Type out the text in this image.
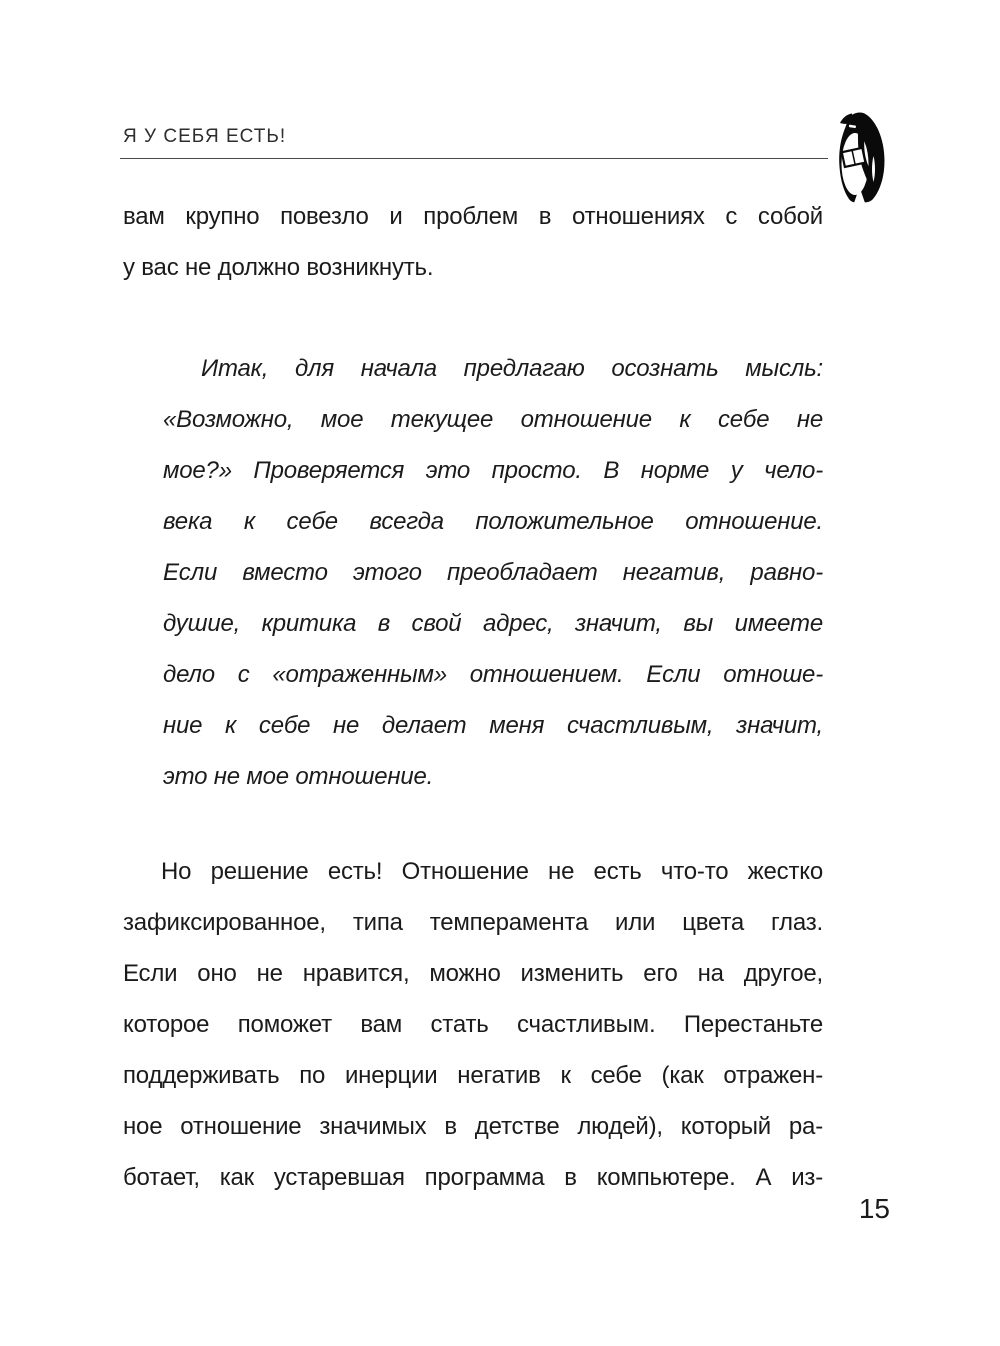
Я У СЕБЯ ЕСТЬ!
вам крупно повезло и проблем в отношениях с собой
у вас не должно возникнуть.
Итак, для начала предлагаю осознать мысль:
«Возможно, мое текущее отношение к себе не
мое?» Проверяется это просто. В норме у чело-
века к себе всегда положительное отношение.
Если вместо этого преобладает негатив, равно-
душие, критика в свой адрес, значит, вы имеете
дело с «отраженным» отношением. Если отноше-
ние к себе не делает меня счастливым, значит,
это не мое отношение.
Но решение есть! Отношение не есть что-то жестко
зафиксированное, типа темперамента или цвета глаз.
Если оно не нравится, можно изменить его на другое,
которое поможет вам стать счастливым. Перестаньте
поддерживать по инерции негатив к себе (как отражен-
ное отношение значимых в детстве людей), который ра-
ботает, как устаревшая программа в компьютере. А из-
15
